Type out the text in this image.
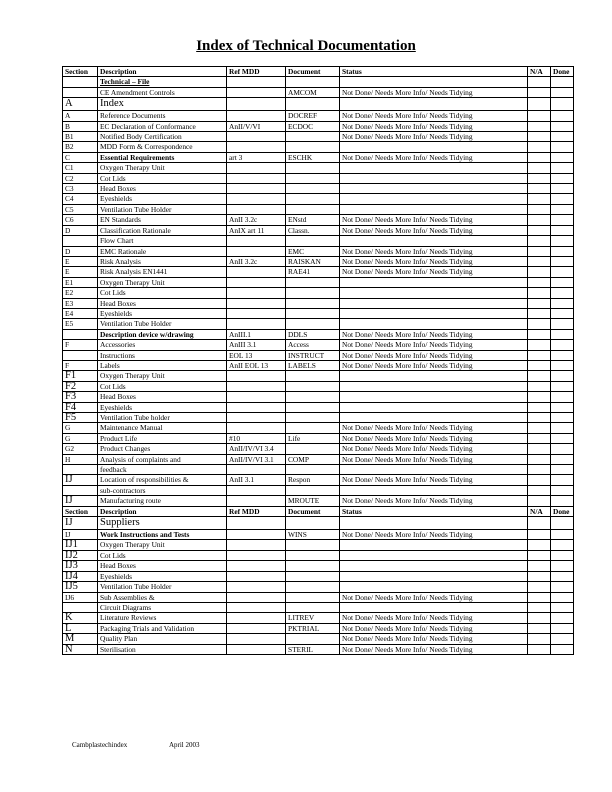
Index of Technical Documentation
Section	Description	Ref MDD	Document	Status	N/A	Done
	Technical – File					
	CE Amendment Controls		AMCOM	Not Done/ Needs More Info/ Needs Tidying		
A	Index					
A	Reference Documents		DOCREF	Not Done/ Needs More Info/ Needs Tidying		
B	EC Declaration of Conformance	AnII/V/VI	ECDOC	Not Done/ Needs More Info/ Needs Tidying		
B1	Notified Body Certification			Not Done/ Needs More Info/ Needs Tidying		
B2	MDD Form & Correspondence					
C	Essential Requirements	art 3	ESCHK	Not Done/ Needs More Info/ Needs Tidying		
C1	Oxygen Therapy Unit					
C2	Cot Lids					
C3	Head Boxes					
C4	Eyeshields					
C5	Ventilation Tube Holder					
C6	EN Standards	AnII 3.2c	ENstd	Not Done/ Needs More Info/ Needs Tidying		
D	Classification Rationale	AnIX art 11	Classn.	Not Done/ Needs More Info/ Needs Tidying		
	Flow Chart					
D	EMC Rationale		EMC	Not Done/ Needs More Info/ Needs Tidying		
E	Risk Analysis	AnII 3.2c	RAISKAN	Not Done/ Needs More Info/ Needs Tidying		
E	Risk Analysis EN1441		RAE41	Not Done/ Needs More Info/ Needs Tidying		
E1	Oxygen Therapy Unit					
E2	Cot Lids					
E3	Head Boxes					
E4	Eyeshields					
E5	Ventilation Tube Holder					
	Description device w/drawing	AnIII.1	DDLS	Not Done/ Needs More Info/ Needs Tidying		
F	Accessories	AnIII 3.1	Access	Not Done/ Needs More Info/ Needs Tidying		
	Instructions	EOL 13	INSTRUCT	Not Done/ Needs More Info/ Needs Tidying		
F	Labels	AnII EOL 13	LABELS	Not Done/ Needs More Info/ Needs Tidying		
F1	Oxygen Therapy Unit					
F2	Cot Lids					
F3	Head Boxes					
F4	Eyeshields					
F5	Ventilation Tube holder					
G	Maintenance Manual			Not Done/ Needs More Info/ Needs Tidying		
G	Product Life	#10	Life	Not Done/ Needs More Info/ Needs Tidying		
G2	Product Changes	AnII/IV/VI 3.4		Not Done/ Needs More Info/ Needs Tidying		
H	Analysis of complaints and	AnII/IV/VI 3.1	COMP	Not Done/ Needs More Info/ Needs Tidying		
	feedback					
IJ	Location of responsibilities &	AnII 3.1	Respon	Not Done/ Needs More Info/ Needs Tidying		
	sub-contractors					
IJ	Manufacturing route		MROUTE	Not Done/ Needs More Info/ Needs Tidying		
Section	Description	Ref MDD	Document	Status	N/A	Done
IJ	Suppliers					
IJ	Work Instructions and Tests		WINS	Not Done/ Needs More Info/ Needs Tidying		
IJ1	Oxygen Therapy Unit					
IJ2	Cot Lids					
IJ3	Head Boxes					
IJ4	Eyeshields					
IJ5	Ventilation Tube Holder					
IJ6	Sub Assemblies &			Not Done/ Needs More Info/ Needs Tidying		
	Circuit Diagrams					
K	Literature Reviews		LITREV	Not Done/ Needs More Info/ Needs Tidying		
L	Packaging Trials and Validation		PKTRIAL	Not Done/ Needs More Info/ Needs Tidying		
M	Quality Plan			Not Done/ Needs More Info/ Needs Tidying		
N	Sterilisation		STERIL	Not Done/ Needs More Info/ Needs Tidying		
Cambplastechindex	April 2003
